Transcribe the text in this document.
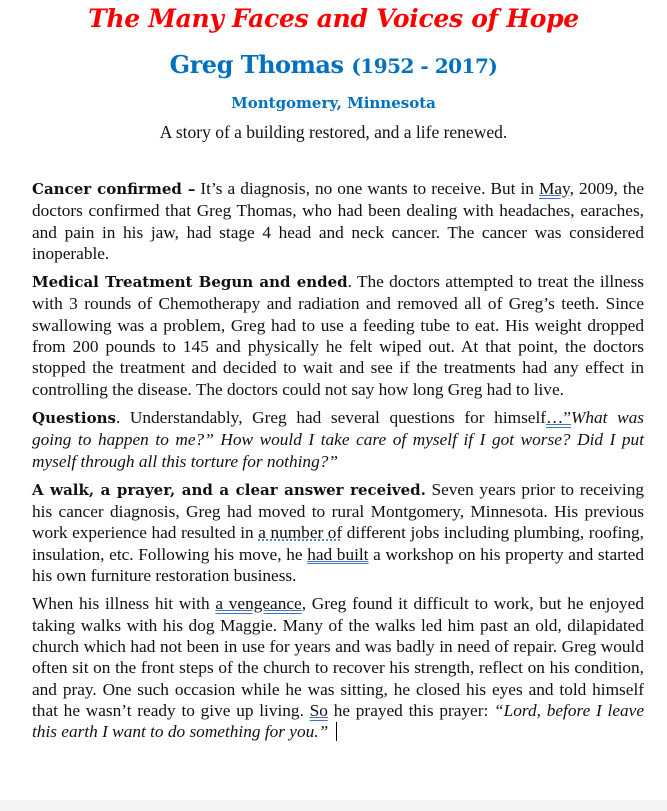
The Many Faces and Voices of Hope
Greg Thomas (1952 - 2017)
Montgomery, Minnesota
A story of a building restored, and a life renewed.

Cancer confirmed – It’s a diagnosis, no one wants to receive. But in May, 2009, the doctors confirmed that Greg Thomas, who had been dealing with headaches, earaches, and pain in his jaw, had stage 4 head and neck cancer. The cancer was considered inoperable.

Medical Treatment Begun and ended. The doctors attempted to treat the illness with 3 rounds of Chemotherapy and radiation and removed all of Greg’s teeth. Since swallowing was a problem, Greg had to use a feeding tube to eat. His weight dropped from 200 pounds to 145 and physically he felt wiped out. At that point, the doctors stopped the treatment and decided to wait and see if the treatments had any effect in controlling the disease. The doctors could not say how long Greg had to live.

Questions. Understandably, Greg had several questions for himself…”What was going to happen to me?” How would I take care of myself if I got worse? Did I put myself through all this torture for nothing?”

A walk, a prayer, and a clear answer received. Seven years prior to receiving his cancer diagnosis, Greg had moved to rural Montgomery, Minnesota. His previous work experience had resulted in a number of different jobs including plumbing, roofing, insulation, etc. Following his move, he had built a workshop on his property and started his own furniture restoration business.

When his illness hit with a vengeance, Greg found it difficult to work, but he enjoyed taking walks with his dog Maggie. Many of the walks led him past an old, dilapidated church which had not been in use for years and was badly in need of repair. Greg would often sit on the front steps of the church to recover his strength, reflect on his condition, and pray. One such occasion while he was sitting, he closed his eyes and told himself that he wasn’t ready to give up living. So he prayed this prayer: “Lord, before I leave this earth I want to do something for you.”
